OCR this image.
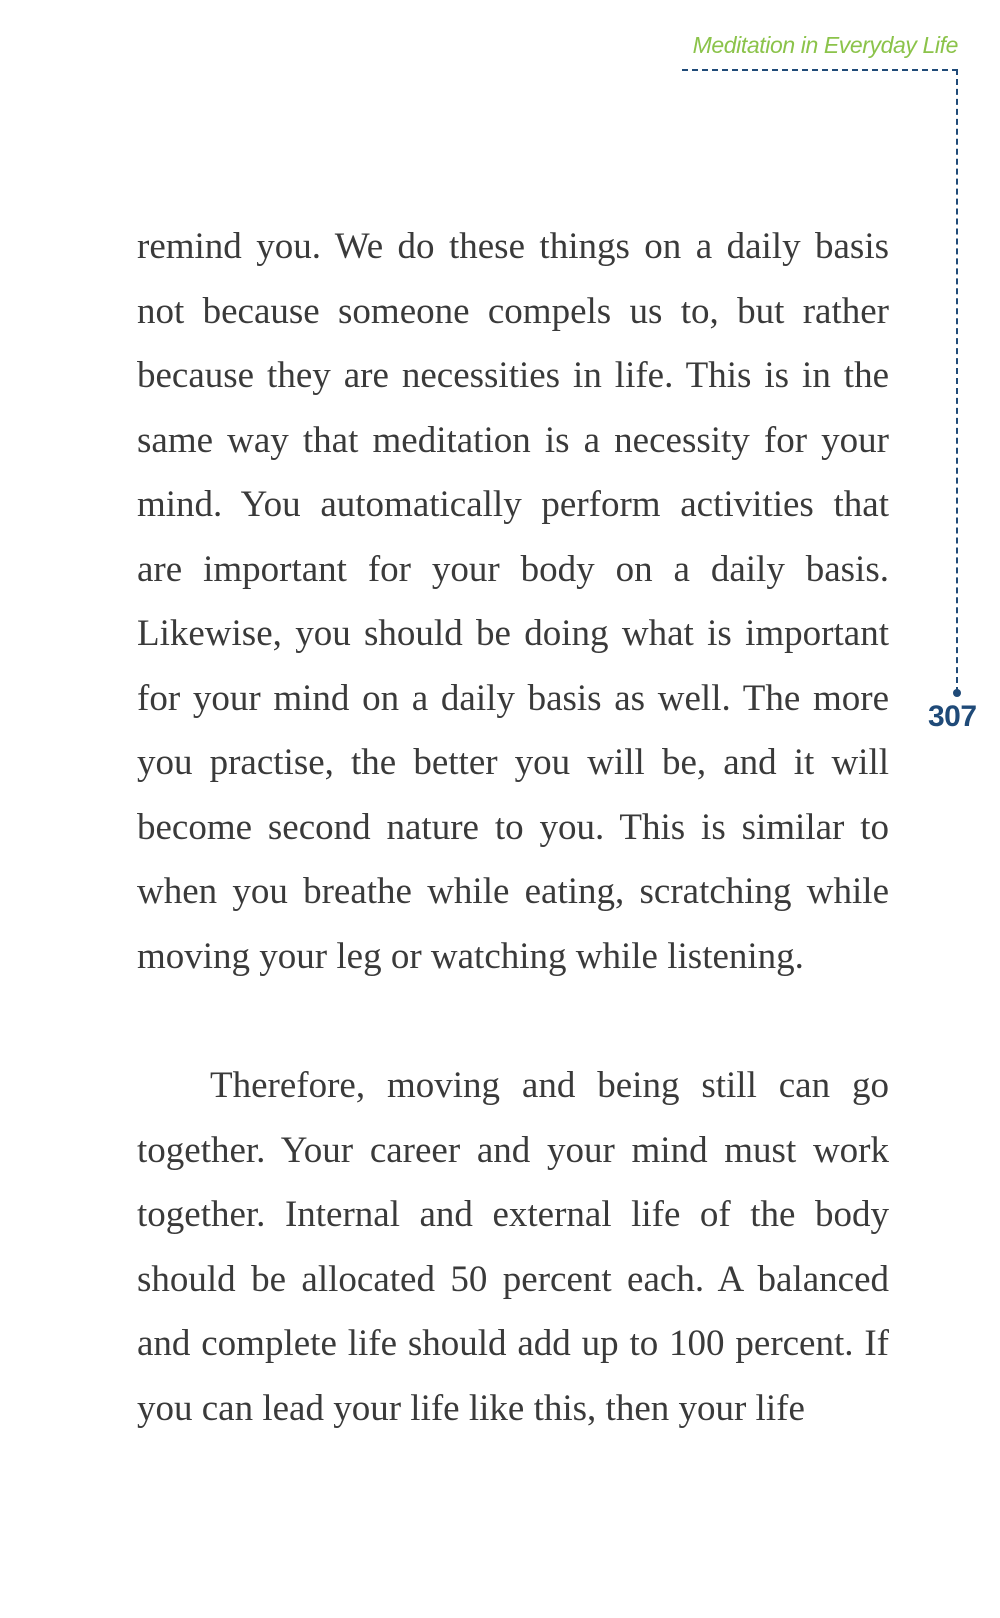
Meditation in Everyday Life
307

remind you. We do these things on a daily basis not because someone compels us to, but rather because they are necessities in life. This is in the same way that meditation is a necessity for your mind. You automatically perform activities that are important for your body on a daily basis. Likewise, you should be doing what is important for your mind on a daily basis as well. The more you practise, the better you will be, and it will become second nature to you. This is similar to when you breathe while eating, scratching while moving your leg or watching while listening.

Therefore, moving and being still can go together. Your career and your mind must work together. Internal and external life of the body should be allocated 50 percent each. A balanced and complete life should add up to 100 percent. If you can lead your life like this, then your life
